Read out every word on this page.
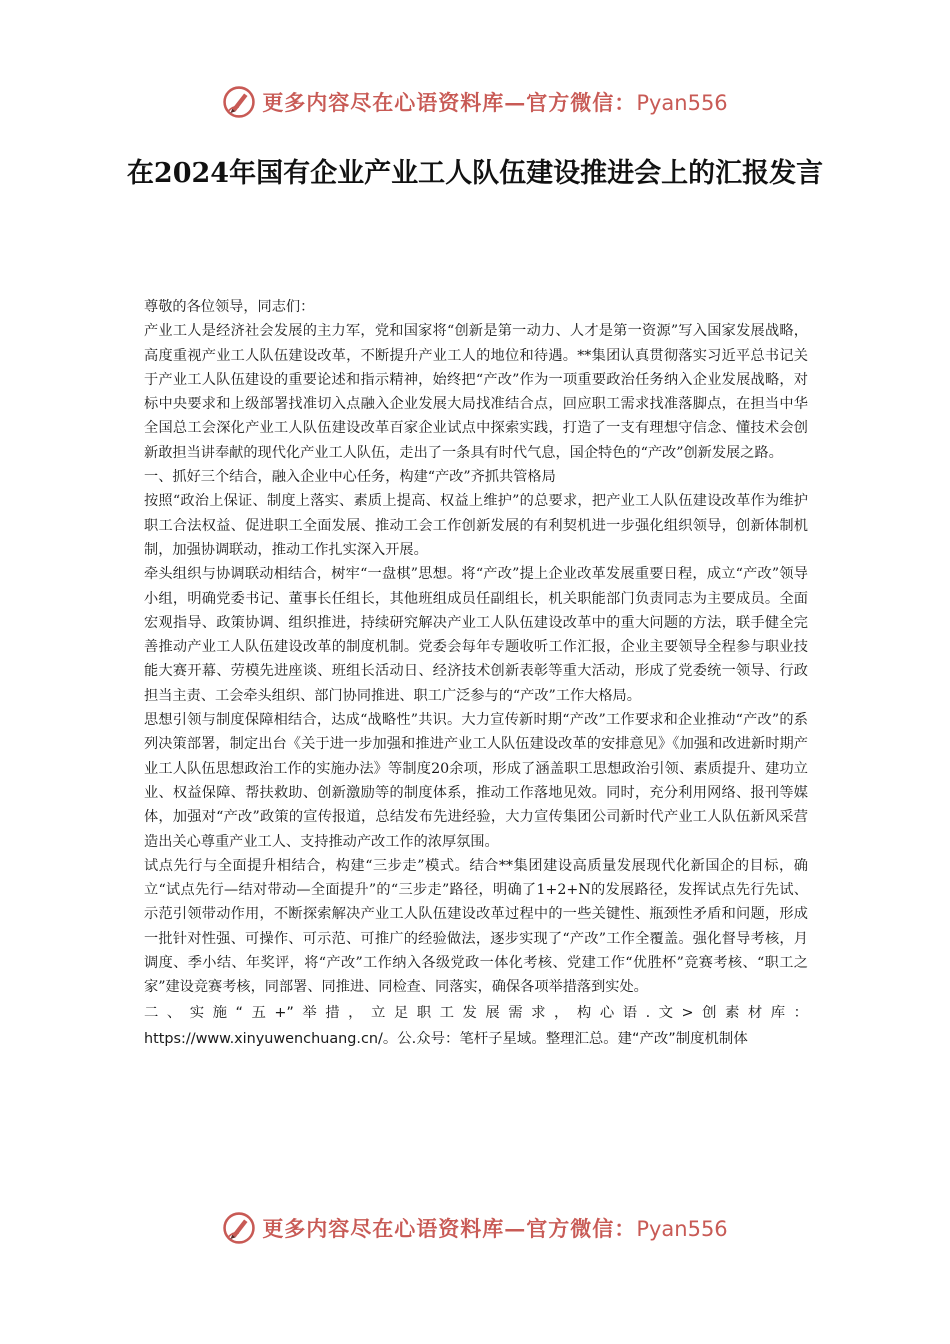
更多内容尽在心语资料库—官方微信：Pyan556
在2024年国有企业产业工人队伍建设推进会上的汇报发言

尊敬的各位领导，同志们：

产业工人是经济社会发展的主力军，党和国家将“创新是第一动力、人才是第一资源”写入国家发展战略，高度重视产业工人队伍建设改革，不断提升产业工人的地位和待遇。**集团认真贯彻落实习近平总书记关于产业工人队伍建设的重要论述和指示精神，始终把“产改”作为一项重要政治任务纳入企业发展战略，对标中央要求和上级部署找准切入点融入企业发展大局找准结合点，回应职工需求找准落脚点，在担当中华全国总工会深化产业工人队伍建设改革百家企业试点中探索实践，打造了一支有理想守信念、懂技术会创新敢担当讲奉献的现代化产业工人队伍，走出了一条具有时代气息，国企特色的“产改”创新发展之路。

一、抓好三个结合，融入企业中心任务，构建“产改”齐抓共管格局

按照“政治上保证、制度上落实、素质上提高、权益上维护”的总要求，把产业工人队伍建设改革作为维护职工合法权益、促进职工全面发展、推动工会工作创新发展的有利契机进一步强化组织领导，创新体制机制，加强协调联动，推动工作扎实深入开展。

牵头组织与协调联动相结合，树牢“一盘棋”思想。将“产改”提上企业改革发展重要日程，成立“产改”领导小组，明确党委书记、董事长任组长，其他班组成员任副组长，机关职能部门负责同志为主要成员。全面宏观指导、政策协调、组织推进，持续研究解决产业工人队伍建设改革中的重大问题的方法，联手健全完善推动产业工人队伍建设改革的制度机制。党委会每年专题收听工作汇报，企业主要领导全程参与职业技能大赛开幕、劳模先进座谈、班组长活动日、经济技术创新表彰等重大活动，形成了党委统一领导、行政担当主责、工会牵头组织、部门协同推进、职工广泛参与的“产改”工作大格局。

思想引领与制度保障相结合，达成“战略性”共识。大力宣传新时期“产改”工作要求和企业推动“产改”的系列决策部署，制定出台《关于进一步加强和推进产业工人队伍建设改革的安排意见》《加强和改进新时期产业工人队伍思想政治工作的实施办法》等制度20余项，形成了涵盖职工思想政治引领、素质提升、建功立业、权益保障、帮扶救助、创新激励等的制度体系，推动工作落地见效。同时，充分利用网络、报刊等媒体，加强对“产改”政策的宣传报道，总结发布先进经验，大力宣传集团公司新时代产业工人队伍新风采营造出关心尊重产业工人、支持推动产改工作的浓厚氛围。

试点先行与全面提升相结合，构建“三步走”模式。结合**集团建设高质量发展现代化新国企的目标，确立“试点先行—结对带动—全面提升”的“三步走”路径，明确了1+2+N的发展路径，发挥试点先行先试、示范引领带动作用，不断探索解决产业工人队伍建设改革过程中的一些关键性、瓶颈性矛盾和问题，形成一批针对性强、可操作、可示范、可推广的经验做法，逐步实现了“产改”工作全覆盖。强化督导考核，月调度、季小结、年奖评，将“产改”工作纳入各级党政一体化考核、党建工作“优胜杯”竞赛考核、“职工之家”建设竞赛考核，同部署、同推进、同检查、同落实，确保各项举措落到实处。

二、实施“五+”举措，立足职工发展需求，构心语.文>创素材库：https://www.xinyuwenchuang.cn/。公.众号：笔杆子星域。整理汇总。建“产改”制度机制体

更多内容尽在心语资料库—官方微信：Pyan556
